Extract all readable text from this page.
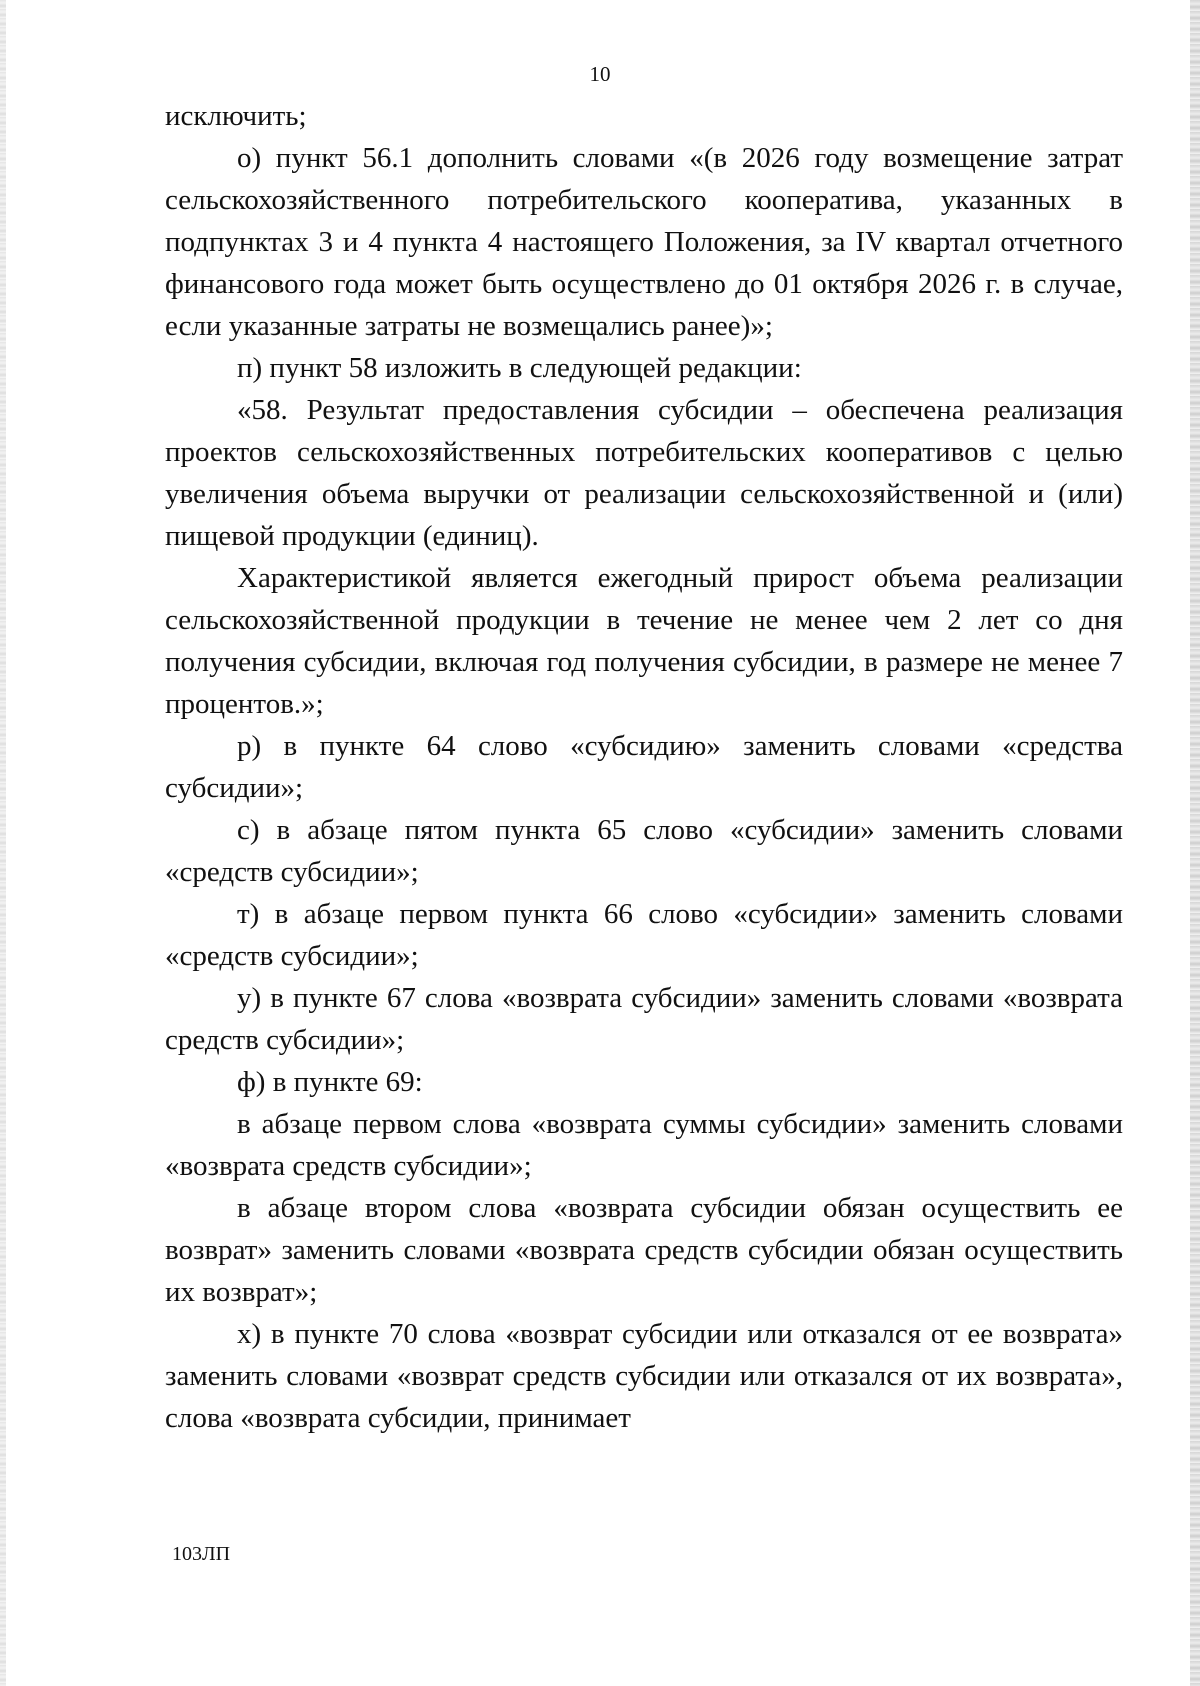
10

исключить;

о) пункт 56.1 дополнить словами «(в 2026 году возмещение затрат сельскохозяйственного потребительского кооператива, указанных в подпунктах 3 и 4 пункта 4 настоящего Положения, за IV квартал отчетного финансового года может быть осуществлено до 01 октября 2026 г. в случае, если указанные затраты не возмещались ранее)»;

п) пункт 58 изложить в следующей редакции:

«58. Результат предоставления субсидии – обеспечена реализация проектов сельскохозяйственных потребительских кооперативов с целью увеличения объема выручки от реализации сельскохозяйственной и (или) пищевой продукции (единиц).

Характеристикой является ежегодный прирост объема реализации сельскохозяйственной продукции в течение не менее чем 2 лет со дня получения субсидии, включая год получения субсидии, в размере не менее 7 процентов.»;

р) в пункте 64 слово «субсидию» заменить словами «средства субсидии»;

с) в абзаце пятом пункта 65 слово «субсидии» заменить словами «средств субсидии»;

т) в абзаце первом пункта 66 слово «субсидии» заменить словами «средств субсидии»;

у) в пункте 67 слова «возврата субсидии» заменить словами «возврата средств субсидии»;

ф) в пункте 69:

в абзаце первом слова «возврата суммы субсидии» заменить словами «возврата средств субсидии»;

в абзаце втором слова «возврата субсидии обязан осуществить ее возврат» заменить словами «возврата средств субсидии обязан осуществить их возврат»;

х) в пункте 70 слова «возврат субсидии или отказался от ее возврата» заменить словами «возврат средств субсидии или отказался от их возврата», слова «возврата субсидии, принимает

103ЛП
